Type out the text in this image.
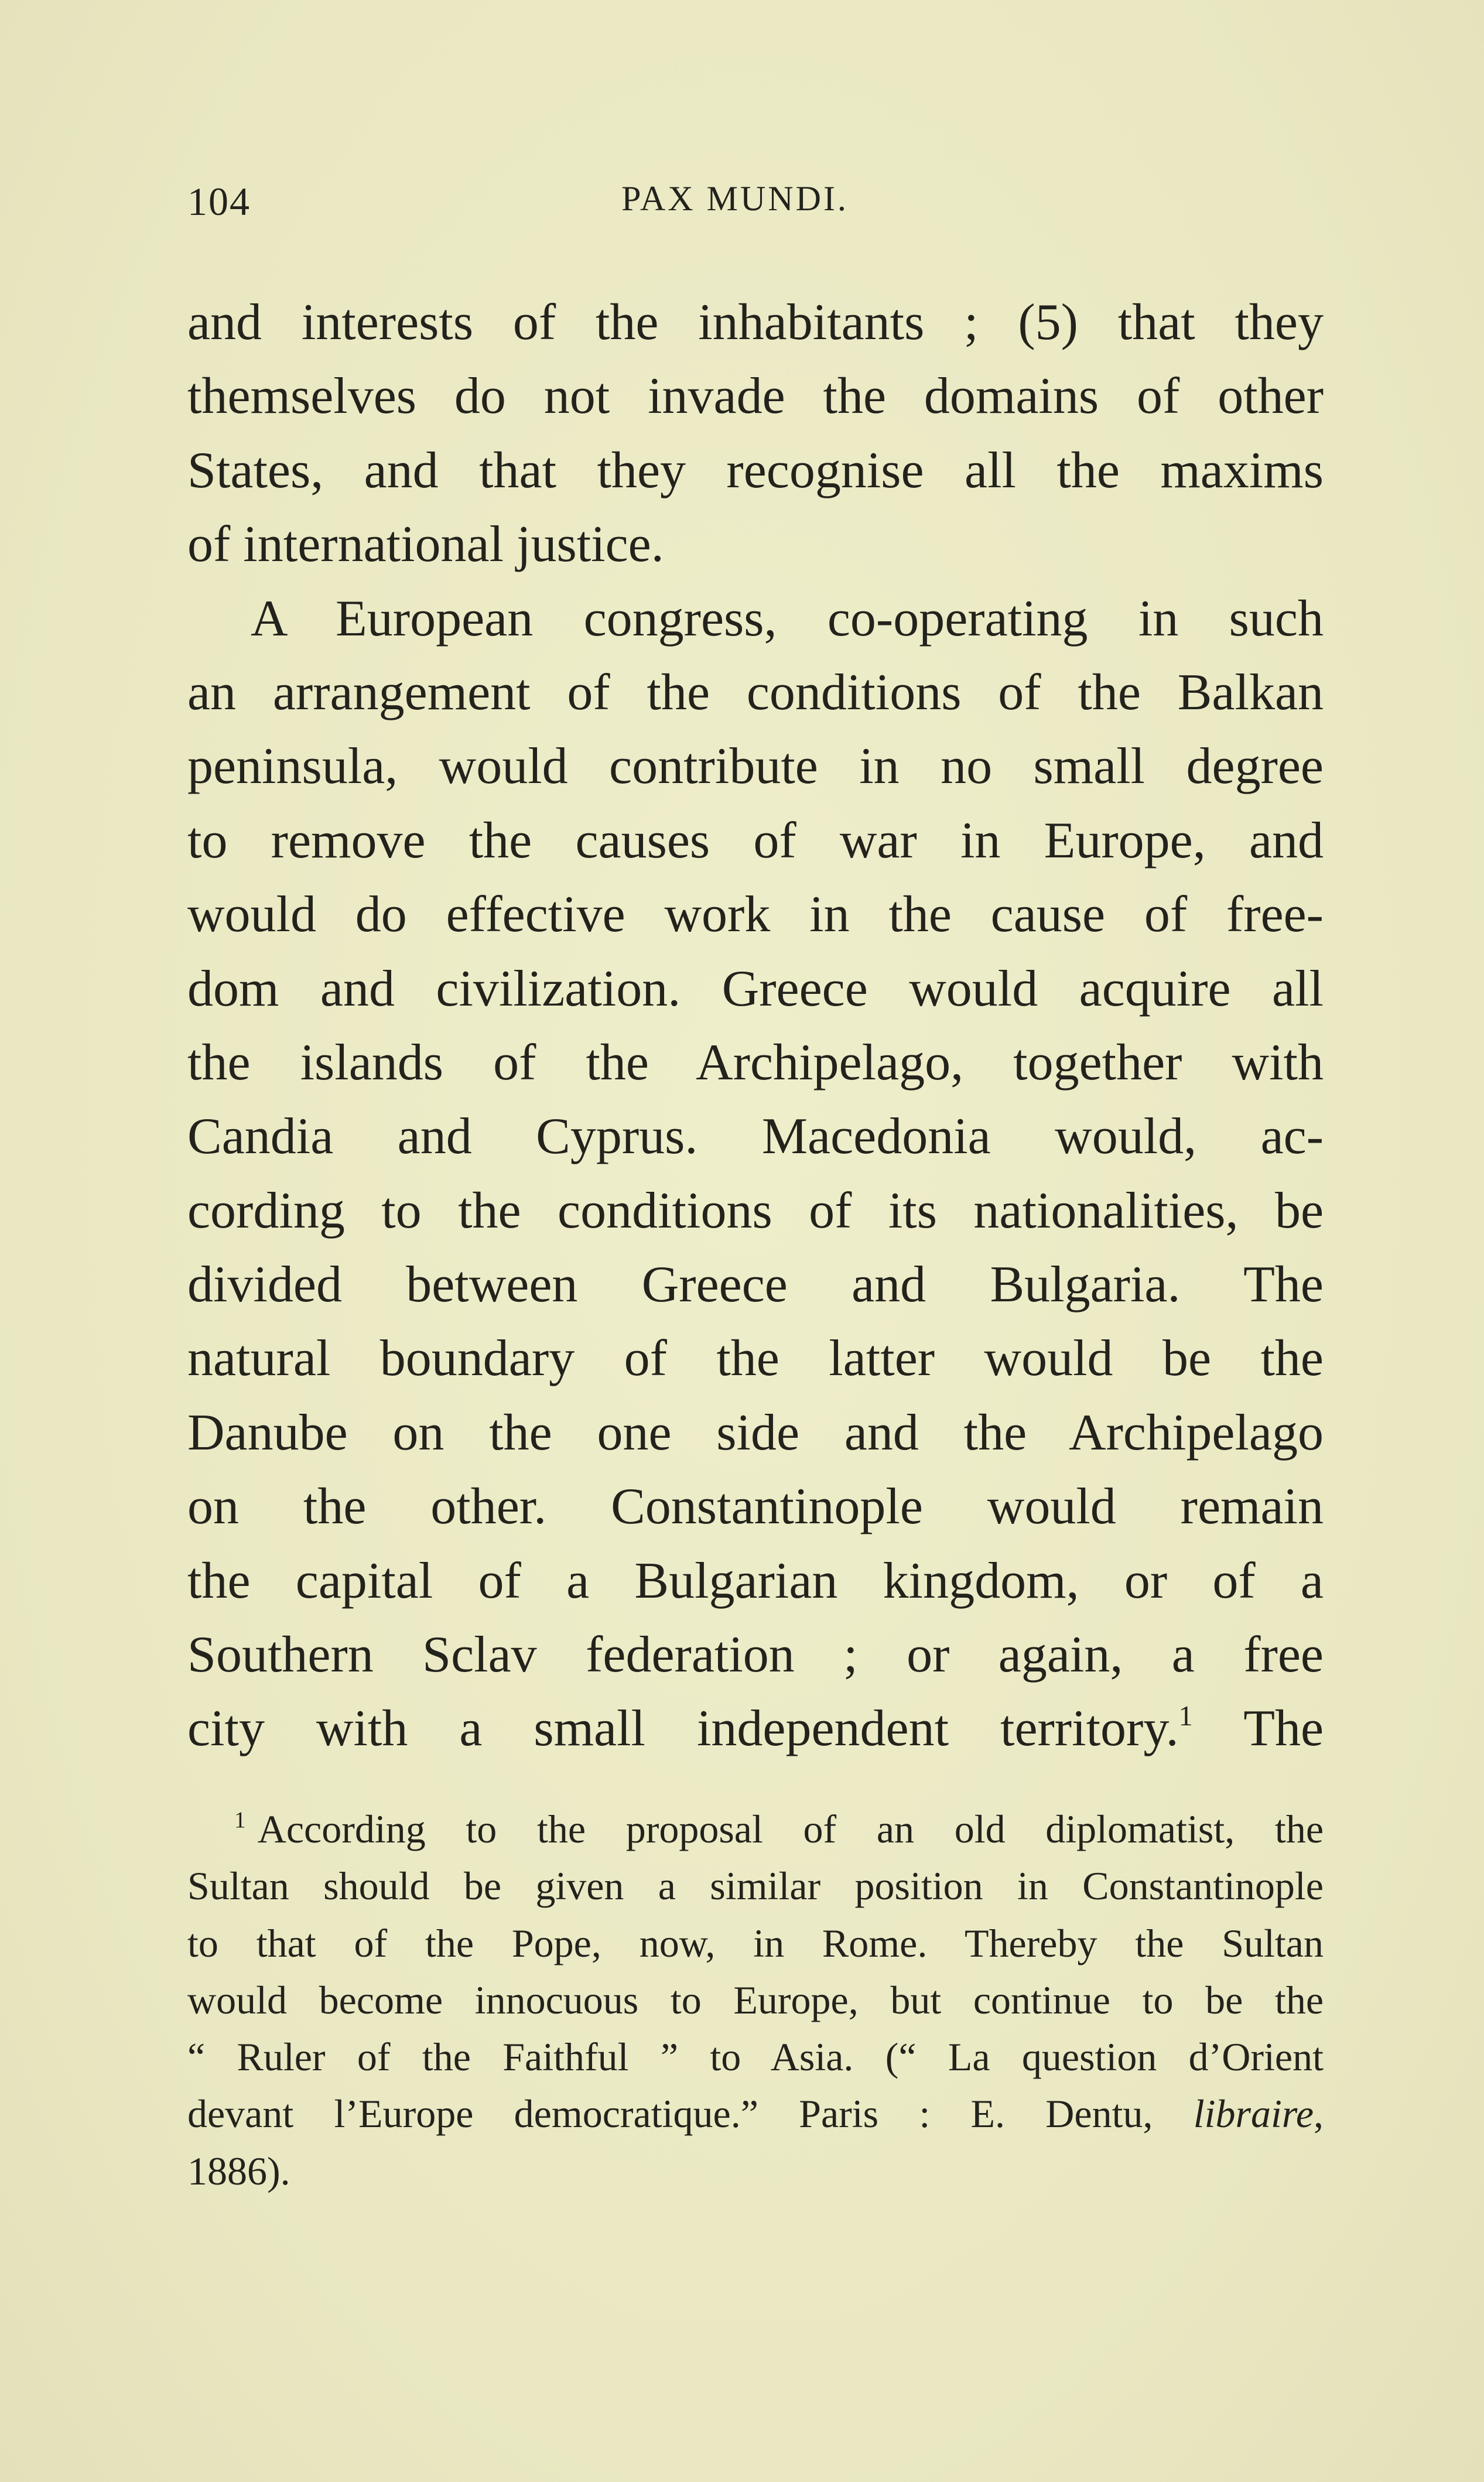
104	PAX MUNDI.
and interests of the inhabitants ; (5) that they
themselves do not invade the domains of other
States, and that they recognise all the maxims
of international justice.
A European congress, co-operating in such
an arrangement of the conditions of the Balkan
peninsula, would contribute in no small degree
to remove the causes of war in Europe, and
would do effective work in the cause of free-
dom and civilization. Greece would acquire all
the islands of the Archipelago, together with
Candia and Cyprus. Macedonia would, ac-
cording to the conditions of its nationalities, be
divided between Greece and Bulgaria. The
natural boundary of the latter would be the
Danube on the one side and the Archipelago
on the other. Constantinople would remain
the capital of a Bulgarian kingdom, or of a
Southern Sclav federation ; or again, a free
city with a small independent territory.$^1$ The
$^1$ According to the proposal of an old diplomatist, the
Sultan should be given a similar position in Constantinople
to that of the Pope, now, in Rome. Thereby the Sultan
would become innocuous to Europe, but continue to be the
“ Ruler of the Faithful ” to Asia. (“ La question d’Orient
devant l’Europe democratique.” Paris : E. Dentu, libraire,
1886).
